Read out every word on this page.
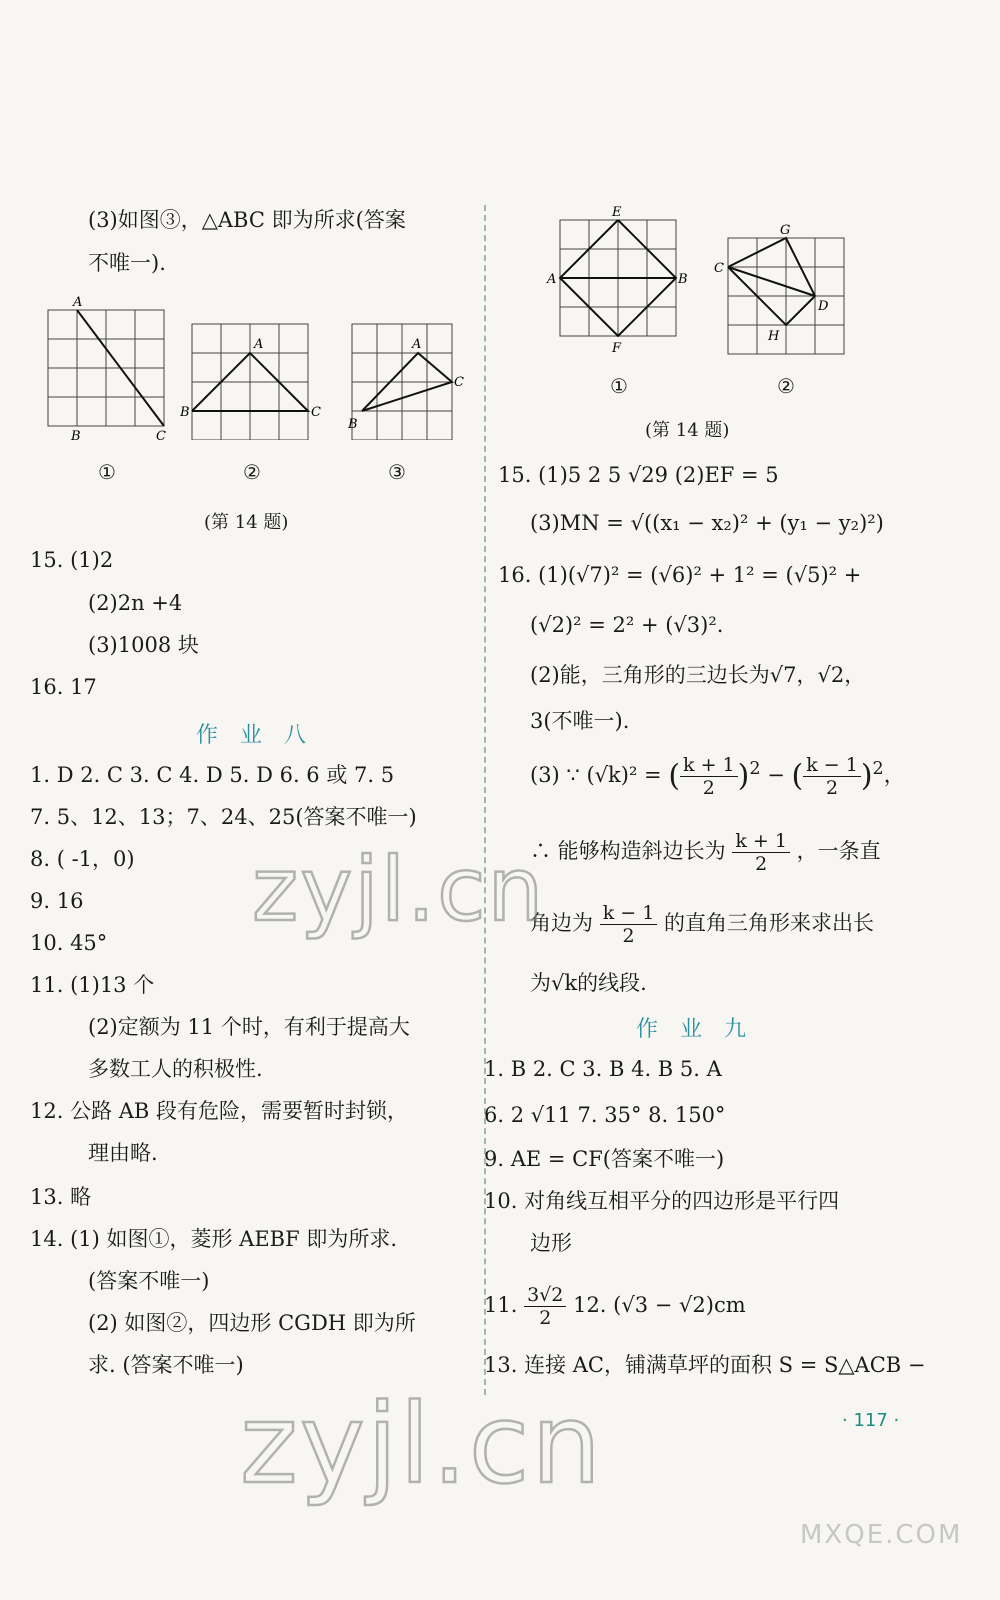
(3)如图③，△ABC 即为所求(答案
不唯一).
A
B	C
A
B	C
A
B
C
①	②	③
(第 14 题)
15. (1)2
(2)2n +4
(3)1008 块
16. 17
作业八
1. D 2. C 3. C 4. D 5. D 6. 6 或 7. 5
7. 5、12、13；7、24、25(答案不唯一)
8. ( -1，0)
9. 16
10. 45°
11. (1)13 个
(2)定额为 11 个时，有利于提高大
多数工人的积极性.
12. 公路 AB 段有危险，需要暂时封锁，
理由略.
13. 略
14. (1) 如图①，菱形 AEBF 即为所求.
(答案不唯一)
(2) 如图②，四边形 CGDH 即为所
求. (答案不唯一)
E
A	B
F
G
C
D
H
①	②
(第 14 题)
15. (1)5 2 5 √29 (2)EF = 5
(3)MN = √((x₁ − x₂)² + (y₁ − y₂)²)
16. (1)(√7)² = (√6)² + 1² = (√5)² +
(√2)² = 2² + (√3)².
(2)能，三角形的三边长为√7，√2，
3(不唯一).
(3) ∵ (√k)² = ( $\frac{k + 1}{2} )^2$ − ( $\frac{k - 1}{2} )^2$，
∴ 能够构造斜边长为 $\frac{k + 1}{2}$ ，一条直
角边为 $\frac{k - 1}{2}$ 的直角三角形来求出长
为√k的线段.
作业九
1. B 2. C 3. B 4. B 5. A
6. 2 √11 7. 35° 8. 150°
9. AE = CF(答案不唯一)
10. 对角线互相平分的四边形是平行四
边形
11. $\frac{3√2}{2} 12$. (√3 − √2)cm
13. 连接 AC，铺满草坪的面积 S = S△ACB −
· 117 ·
zyjl.cn
zyjl.cn
MXQE.COM
